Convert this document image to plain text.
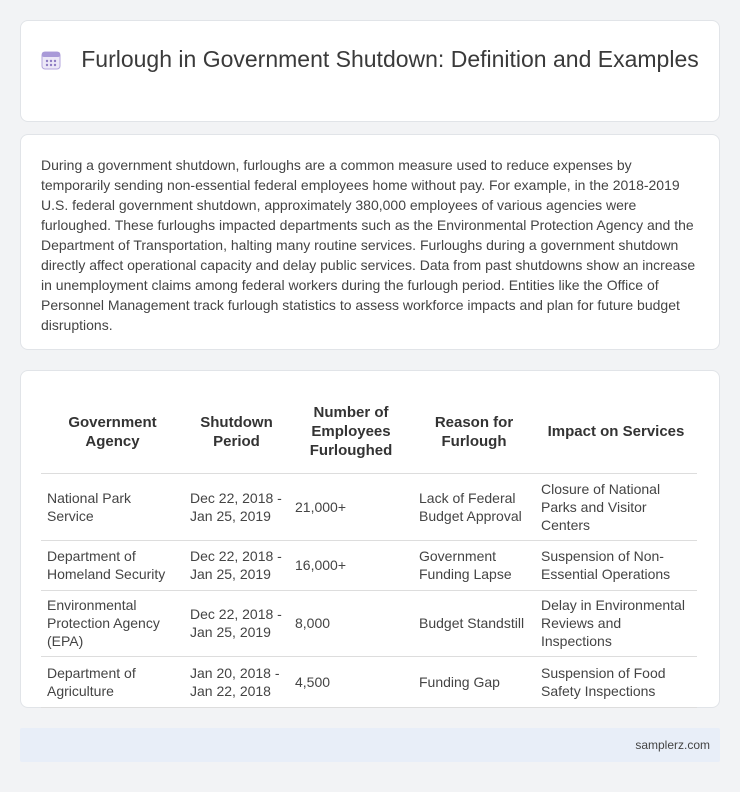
Furlough in Government Shutdown: Definition and Examples

During a government shutdown, furloughs are a common measure used to reduce expenses by temporarily sending non-essential federal employees home without pay. For example, in the 2018-2019 U.S. federal government shutdown, approximately 380,000 employees of various agencies were furloughed. These furloughs impacted departments such as the Environmental Protection Agency and the Department of Transportation, halting many routine services. Furloughs during a government shutdown directly affect operational capacity and delay public services. Data from past shutdowns show an increase in unemployment claims among federal workers during the furlough period. Entities like the Office of Personnel Management track furlough statistics to assess workforce impacts and plan for future budget disruptions.

Government Agency	Shutdown Period	Number of Employees Furloughed	Reason for Furlough	Impact on Services
National Park Service	Dec 22, 2018 - Jan 25, 2019	21,000+	Lack of Federal Budget Approval	Closure of National Parks and Visitor Centers
Department of Homeland Security	Dec 22, 2018 - Jan 25, 2019	16,000+	Government Funding Lapse	Suspension of Non-Essential Operations
Environmental Protection Agency (EPA)	Dec 22, 2018 - Jan 25, 2019	8,000	Budget Standstill	Delay in Environmental Reviews and Inspections
Department of Agriculture	Jan 20, 2018 - Jan 22, 2018	4,500	Funding Gap	Suspension of Food Safety Inspections
samplerz.com
